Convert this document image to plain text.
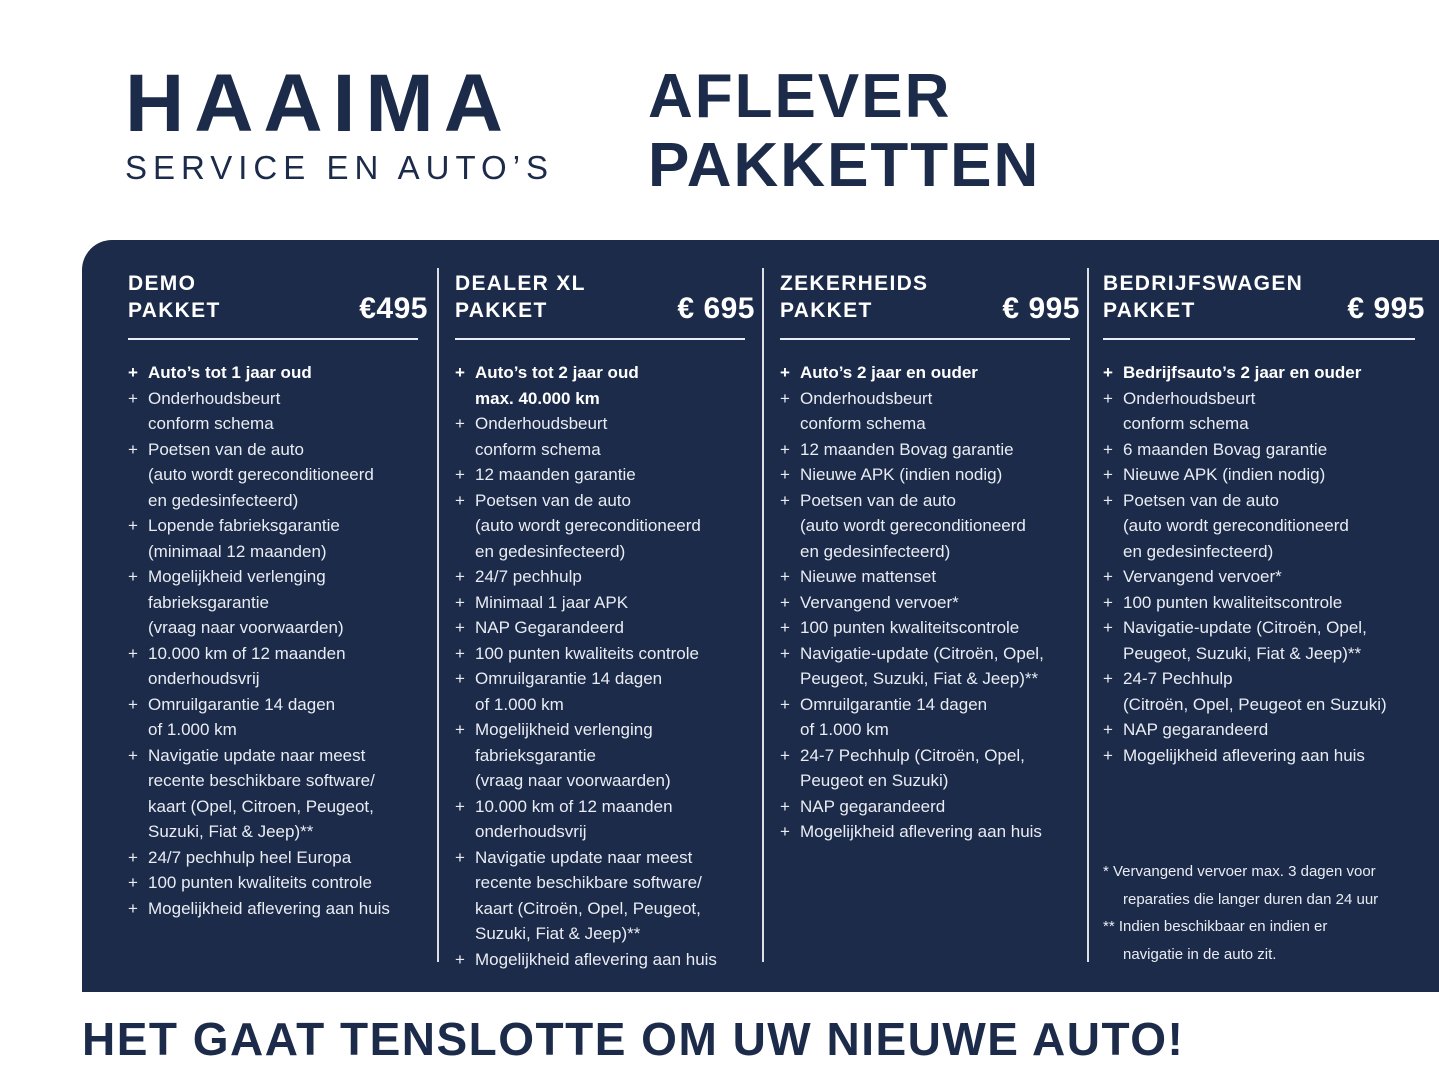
HAAIMA
SERVICE EN AUTO’S
AFLEVER
PAKKETTEN
DEMO
PAKKET	€495
+ Auto’s tot 1 jaar oud
+ Onderhoudsbeurt
conform schema
+ Poetsen van de auto
(auto wordt gereconditioneerd
en gedesinfecteerd)
+ Lopende fabrieksgarantie
(minimaal 12 maanden)
+ Mogelijkheid verlenging
fabrieksgarantie
(vraag naar voorwaarden)
+ 10.000 km of 12 maanden
onderhoudsvrij
+ Omruilgarantie 14 dagen
of 1.000 km
+ Navigatie update naar meest
recente beschikbare software/
kaart (Opel, Citroen, Peugeot,
Suzuki, Fiat & Jeep)**
+ 24/7 pechhulp heel Europa
+ 100 punten kwaliteits controle
+ Mogelijkheid aflevering aan huis
DEALER XL
PAKKET	€ 695
+ Auto’s tot 2 jaar oud
max. 40.000 km
+ Onderhoudsbeurt
conform schema
+ 12 maanden garantie
+ Poetsen van de auto
(auto wordt gereconditioneerd
en gedesinfecteerd)
+ 24/7 pechhulp
+ Minimaal 1 jaar APK
+ NAP Gegarandeerd
+ 100 punten kwaliteits controle
+ Omruilgarantie 14 dagen
of 1.000 km
+ Mogelijkheid verlenging
fabrieksgarantie
(vraag naar voorwaarden)
+ 10.000 km of 12 maanden
onderhoudsvrij
+ Navigatie update naar meest
recente beschikbare software/
kaart (Citroën, Opel, Peugeot,
Suzuki, Fiat & Jeep)**
+ Mogelijkheid aflevering aan huis
ZEKERHEIDS
PAKKET	€ 995
+ Auto’s 2 jaar en ouder
+ Onderhoudsbeurt
conform schema
+ 12 maanden Bovag garantie
+ Nieuwe APK (indien nodig)
+ Poetsen van de auto
(auto wordt gereconditioneerd
en gedesinfecteerd)
+ Nieuwe mattenset
+ Vervangend vervoer*
+ 100 punten kwaliteitscontrole
+ Navigatie-update (Citroën, Opel,
Peugeot, Suzuki, Fiat & Jeep)**
+ Omruilgarantie 14 dagen
of 1.000 km
+ 24-7 Pechhulp (Citroën, Opel,
Peugeot en Suzuki)
+ NAP gegarandeerd
+ Mogelijkheid aflevering aan huis
BEDRIJFSWAGEN
PAKKET	€ 995
+ Bedrijfsauto’s 2 jaar en ouder
+ Onderhoudsbeurt
conform schema
+ 6 maanden Bovag garantie
+ Nieuwe APK (indien nodig)
+ Poetsen van de auto
(auto wordt gereconditioneerd
en gedesinfecteerd)
+ Vervangend vervoer*
+ 100 punten kwaliteitscontrole
+ Navigatie-update (Citroën, Opel,
Peugeot, Suzuki, Fiat & Jeep)**
+ 24-7 Pechhulp
(Citroën, Opel, Peugeot en Suzuki)
+ NAP gegarandeerd
+ Mogelijkheid aflevering aan huis
* Vervangend vervoer max. 3 dagen voor
reparaties die langer duren dan 24 uur
** Indien beschikbaar en indien er
navigatie in de auto zit.
HET GAAT TENSLOTTE OM UW NIEUWE AUTO!
